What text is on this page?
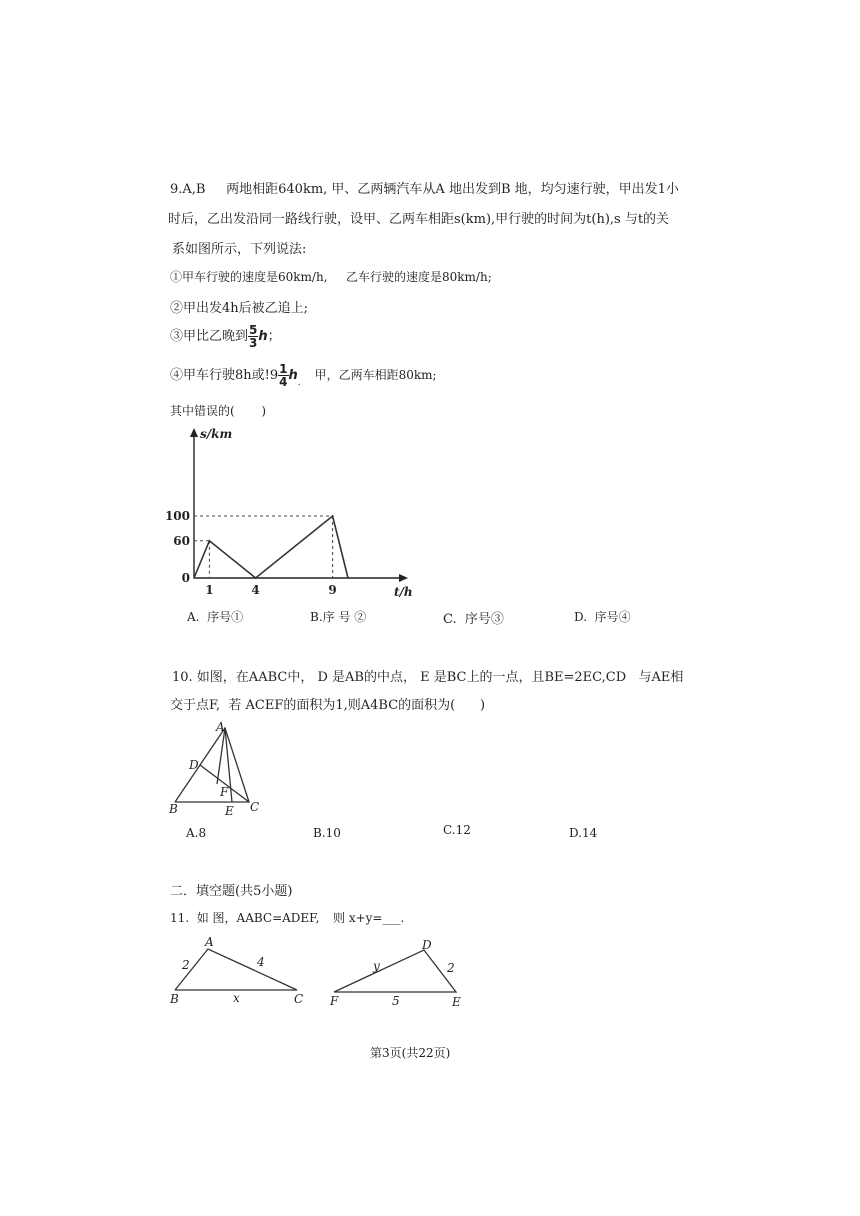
9.A,B     两地相距640km, 甲、乙两辆汽车从A 地出发到B 地，均匀速行驶，甲出发1小
时后，乙出发沿同一路线行驶，设甲、乙两车相距s(km),甲行驶的时间为t(h),s 与t的关
系如图所示，下列说法:
①甲车行驶的速度是60km/h, 乙车行驶的速度是80km/h;
②甲出发4h后被乙追上;
③甲比乙晚到 $\frac{5}{3}$ h；
④甲车行驶8h或$!9 \frac{1}{4} h_.$甲，乙两车相距80km;
其中错误的(       )
s/km
t/h
100
60
0
1	4	9
A.  序号①	B.序 号 ②	C.  序号③	D.  序号④
10. 如图，在AABC中， D 是AB的中点， E 是BC上的一点，且BE=2EC,CD   与AE相
交于点F,  若 ACEF的面积为1,则A4BC的面积为(      )
A
D
F
B	E C
A.8	B.10	C.12	D.14
二．填空题(共5小题)
11.  如 图，AABC=ADEF, 则 x+y=___.
A
B	C
2	4
x
D
F	E
y	2
5
第3页(共22页)
